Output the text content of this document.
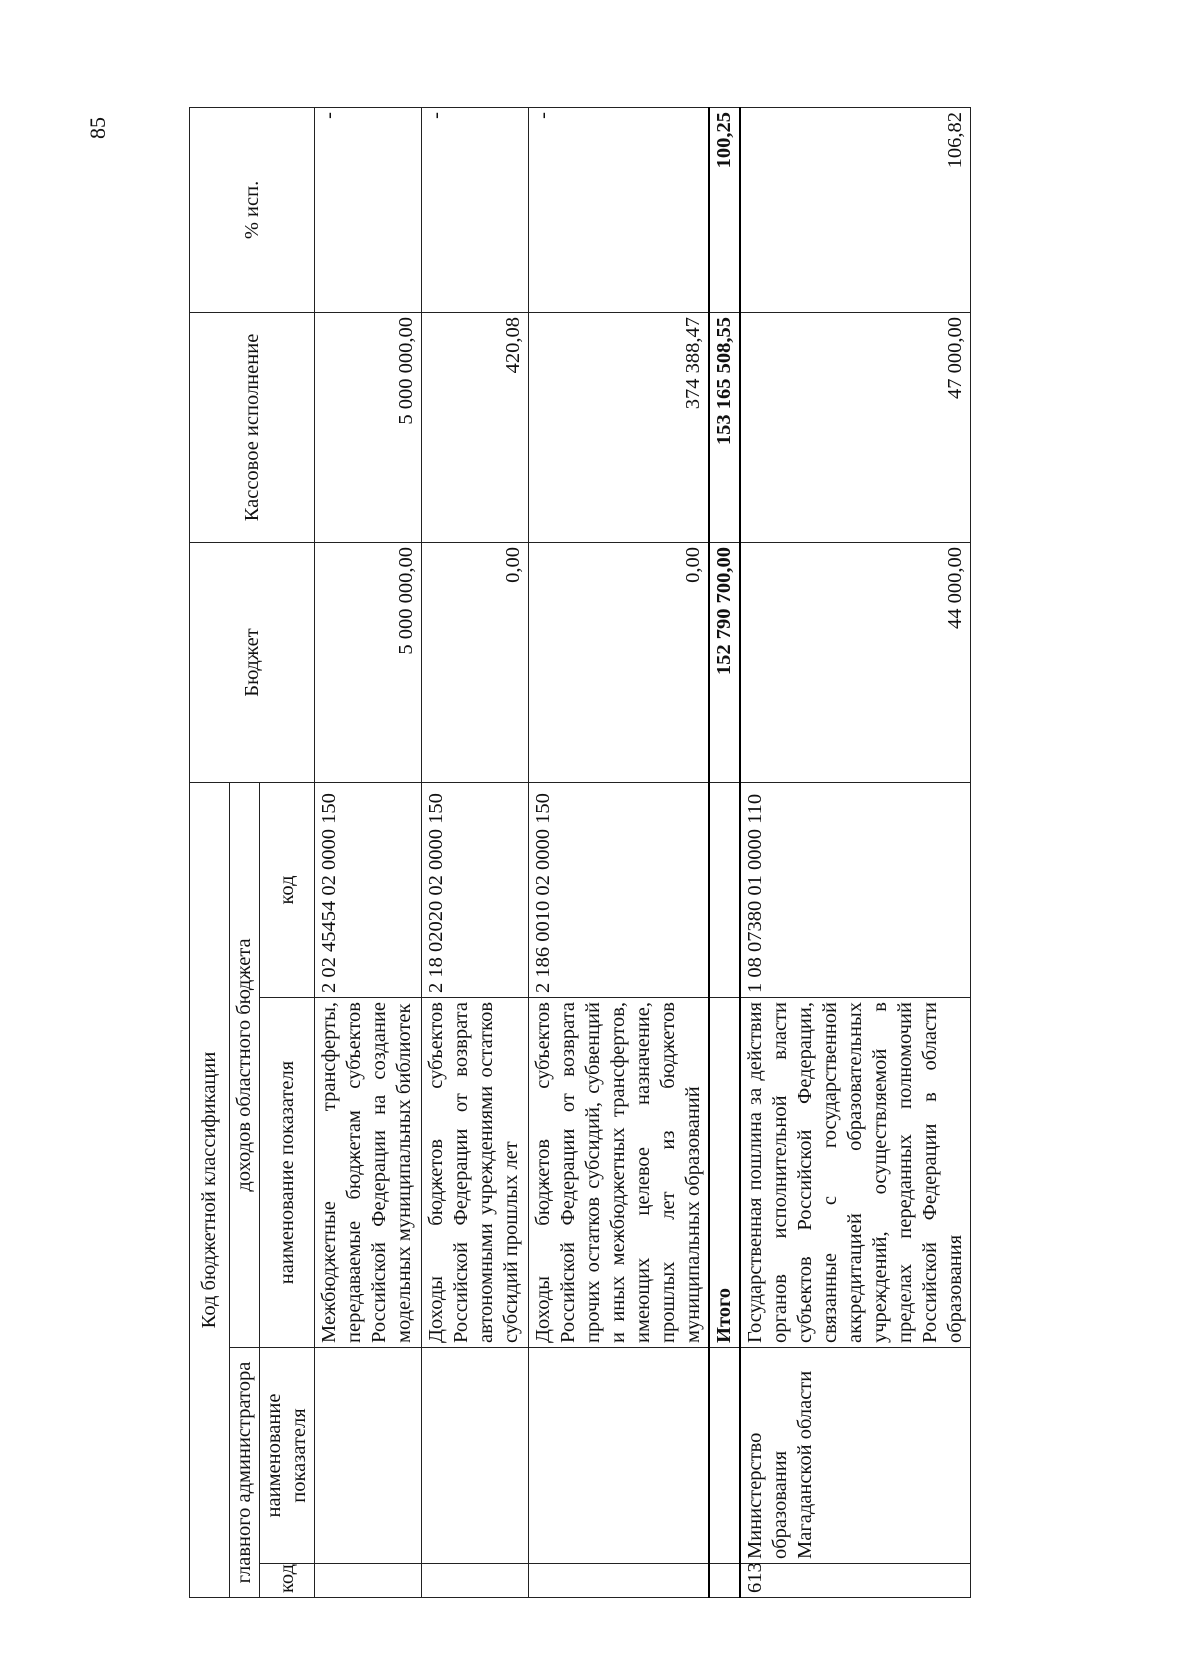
85
Код бюджетной классификации				Бюджет	Кассовое исполнение	% исп.
главного администратора		доходов областного бюджета				
код	наименование показателя	наименование показателя	код			
		Межбюджетные трансферты, передаваемые бюджетам субъектов Российской Федерации на создание модельных муниципальных библиотек	2 02 45454 02 0000 150	5 000 000,00	5 000 000,00	-
		Доходы бюджетов субъектов Российской Федерации от возврата автономными учреждениями остатков субсидий прошлых лет	2 18 02020 02 0000 150	0,00	420,08	-
		Доходы бюджетов субъектов Российской Федерации от возврата прочих остатков субсидий, субвенций и иных межбюджетных трансфертов, имеющих целевое назначение, прошлых лет из бюджетов муниципальных образований	2 186 0010 02 0000 150	0,00	374 388,47	-
		Итого		152 790 700,00	153 165 508,55	100,25
613	Министерство образования Магаданской области	Государственная пошлина за действия органов исполнительной власти субъектов Российской Федерации, связанные с государственной аккредитацией образовательных учреждений, осуществляемой в пределах переданных полномочий Российской Федерации в области образования	1 08 07380 01 0000 110	44 000,00	47 000,00	106,82
